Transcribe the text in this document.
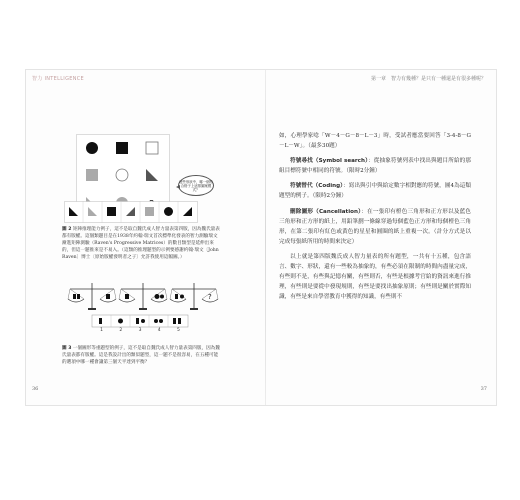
智力 INTELLIGENCE	第一章　智力有幾種？是只有一種還是有很多種呢？
這些形狀中，哪一個符合格子上這排圖案模式？
圖 2 矩陣推理能力例子，這不是取自魏氏成人智力量表第四版，因為魏氏量表都有版權。這個類題目是在1938年約翰·瑞文首次標準化發表的智力測驗瑞文漸進矩陣測驗（Raven's Progressive Matrices）的數目類型是延伸出來的，但這一題推來是不易入。（這類的推理題型的示例要感謝約翰·瑞文〔John Raven〕博士〔原始版權發明者之子〕允許我使用這幅圖。）
?
1	2	3	4	5
圖 3 一個圖形等重題型的例子，這不是取自魏氏成人智力量表第四版，因為魏氏量表都有版權。這是我設計出的類似題型，這一題不是很容易，在五種可能的選項中哪一種會讓第三個天平達到平衡？

如，心理學家唸「W－4－G－8－L－3」時，受試者應當要回答「3-4-8－G－L－W」。（最多30題）

符號尋找（Symbol search）：從抽象符號列表中找出與題目所給的那組目標符號中相同的符號。（限時2分鐘）

符號替代（Coding）：寫出與引中與給定數字相對應的符號，圖4為這類題型的例子。（限時2分鐘）

刪除圖形（Cancellation）：在一張印有橙色三角形和正方形以及藍色三角形和正方形的紙上，用鉛筆劃一條線穿過每個藍色正方形和每個橙色三角形，在第二張印有紅色或黃色的星星和圓圈的紙上重複一次。（計分方式是以完成每張紙所用的時間來決定）

以上就是第四版魏氏成人智力量表的所有題型，一共有十五種，包含語言、數字、形狀，還有一些較為抽象的，有些必須在限制的時間內盡量完成，有些則不是，有些與記憶有關，有些則否，有些是根據考官給的資訊來進行推理，有些則是要從中發現規則，有些是要找出抽象原則；有些則是關於實際知識，有些是來自學習教育中獲得的知識，有些則不

36	37
